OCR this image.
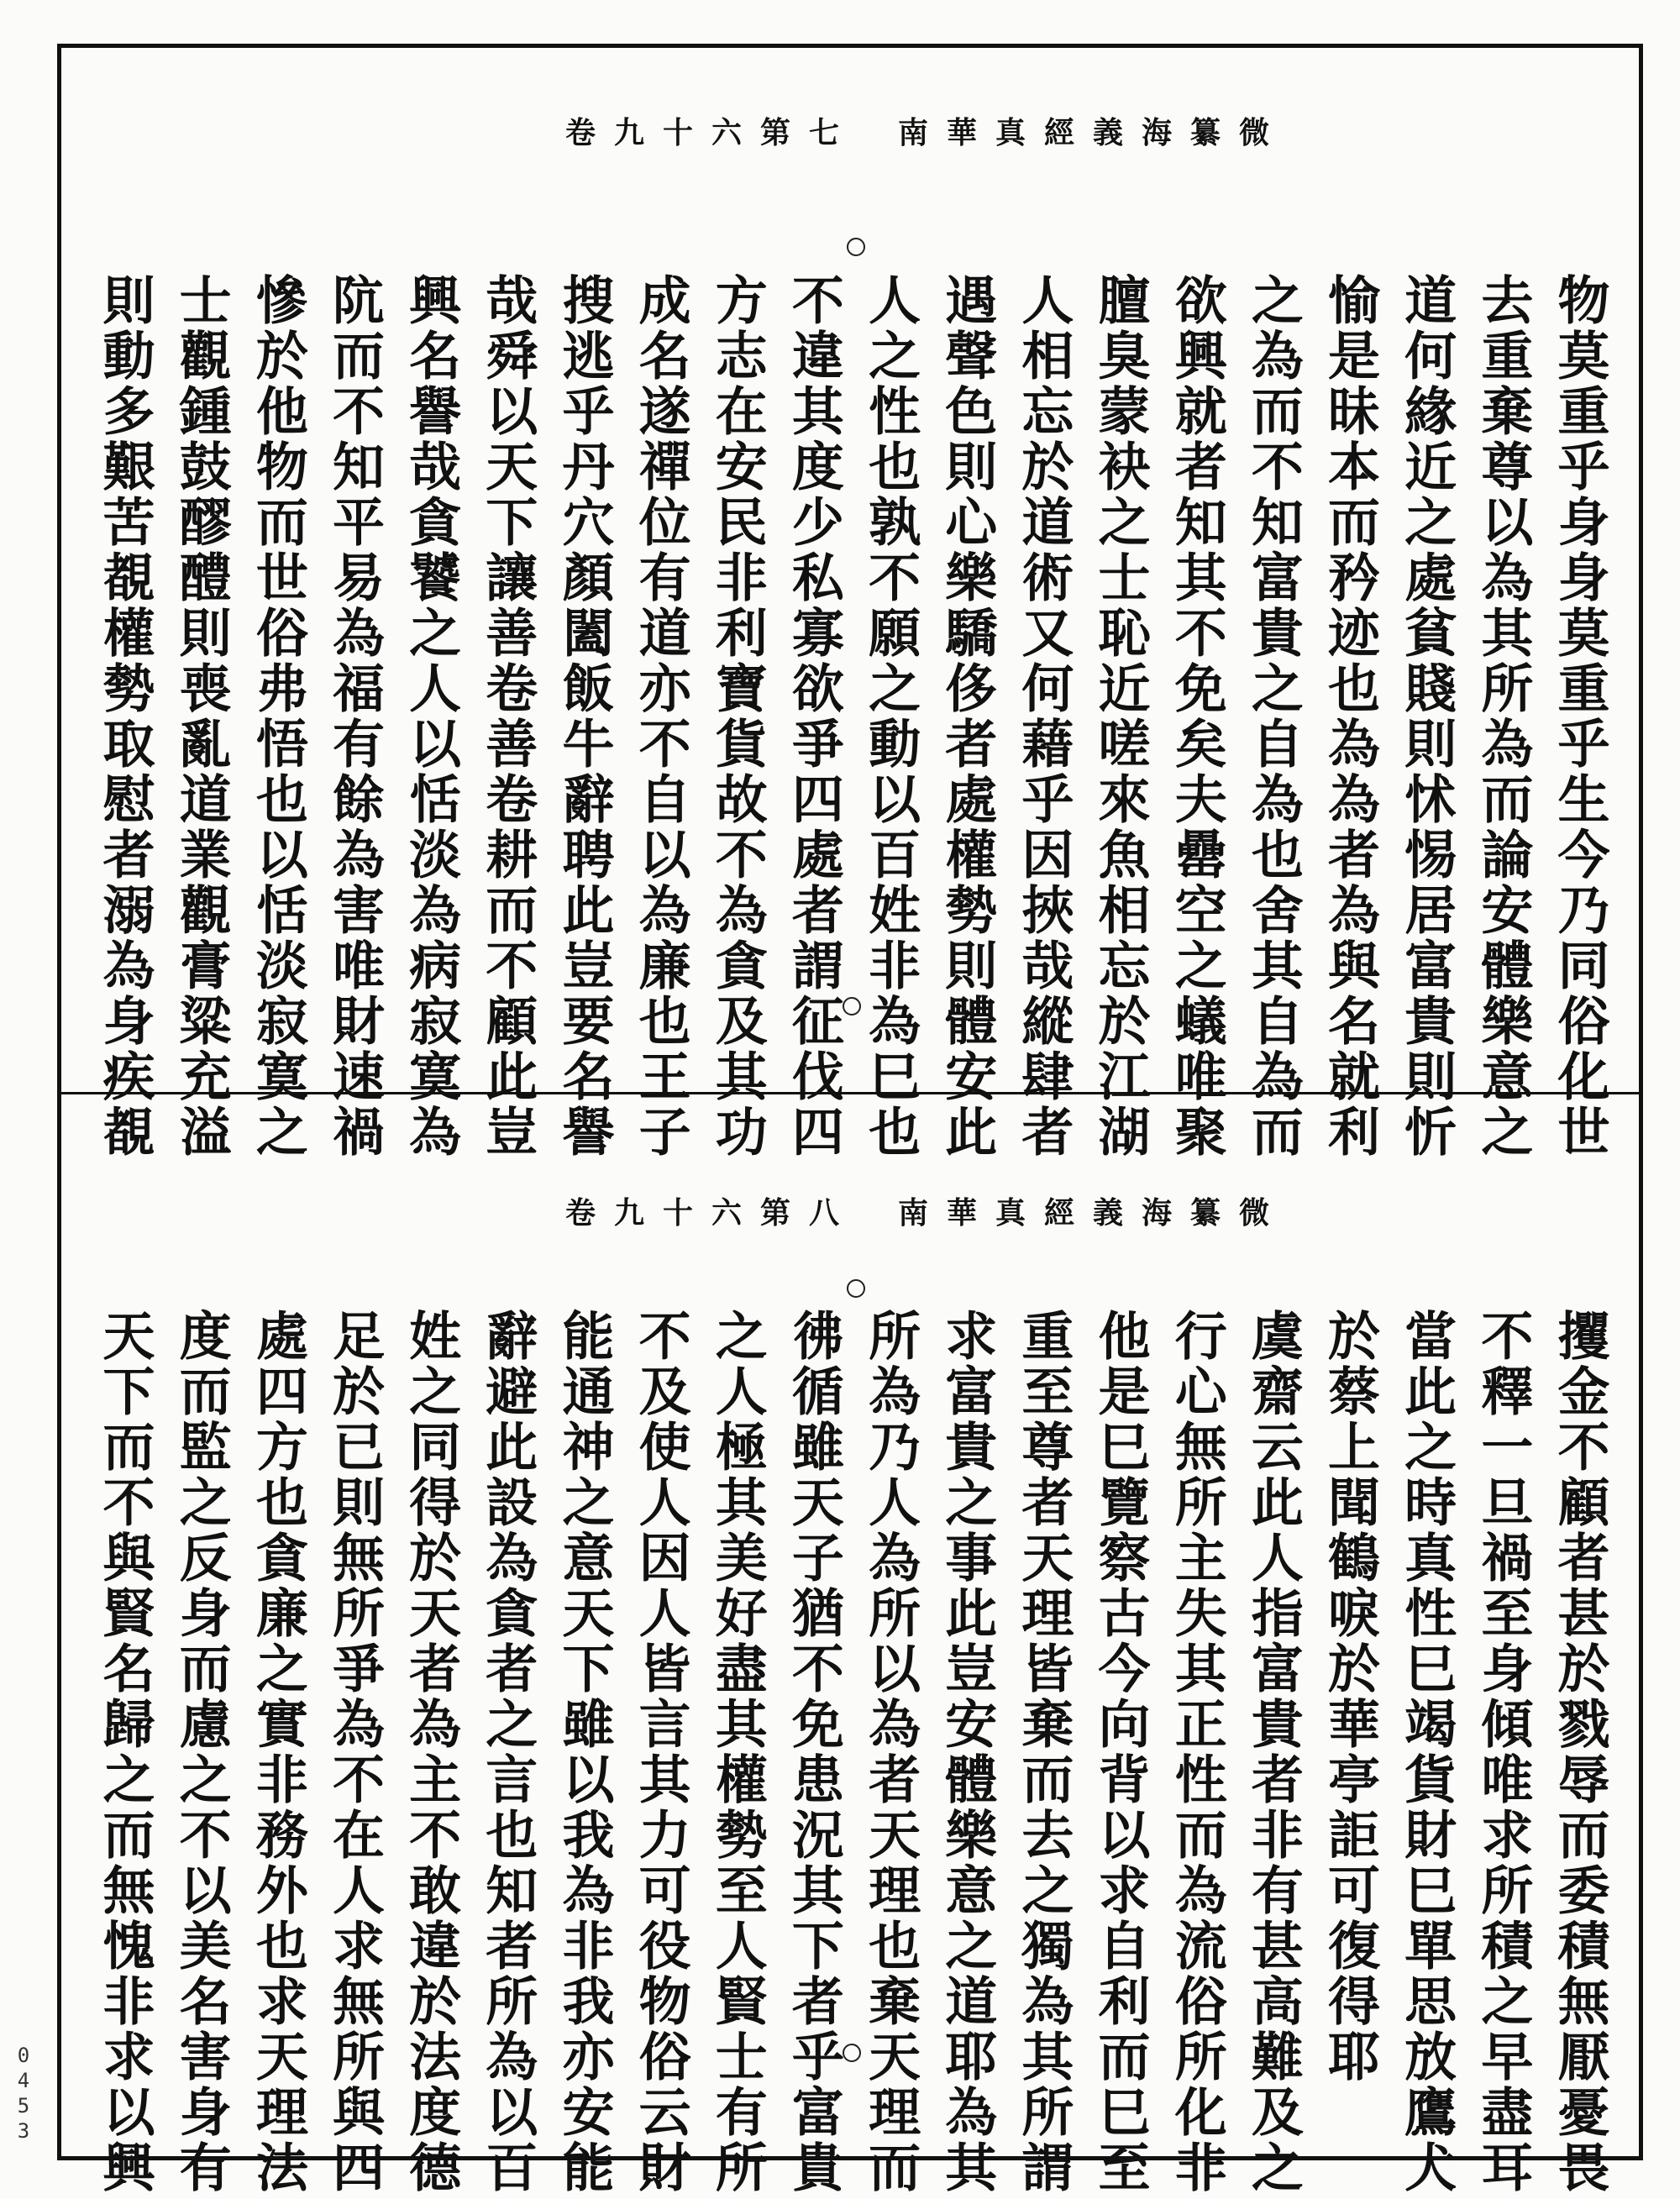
南華真經義海纂微
卷九十六第七
物莫重乎身身莫重乎生今乃同俗化世
去重棄尊以為其所為而論安體樂意之
道何緣近之處貧賤則怵惕居富貴則忻
愉是昧本而矜迹也為為者為與名就利
之為而不知富貴之自為也舍其自為而
欲興就者知其不免矣夫罍空之蟻唯聚
膻臭蒙袂之士恥近嗟來魚相忘於江湖
人相忘於道術又何藉乎因挾哉縱肆者
遇聲色則心樂驕侈者處權勢則體安此
人之性也孰不願之動以百姓非為巳也
不違其度少私寡欲爭四處者謂征伐四
方志在安民非利寶貨故不為貪及其功
成名遂禪位有道亦不自以為廉也王子
搜逃乎丹穴顏闔飯牛辭聘此豈要名譽
哉舜以天下讓善卷善卷耕而不顧此豈
興名譽哉貪饕之人以恬淡為病寂寞為
阬而不知平易為福有餘為害唯財速禍
慘於他物而世俗弗悟也以恬淡寂寞之
士觀鍾鼓醪醴則喪亂道業觀膏粱充溢
則動多艱苦覩權勢取慰者溺為身疾覩
南華真經義海纂微
卷九十六第八
攫金不顧者甚於戮辱而委積無厭憂畏
不釋一旦禍至身傾唯求所積之早盡耳
當此之時真性巳竭貨財巳單思放鷹犬
於蔡上聞鶴唳於華亭詎可復得耶
虞齋云此人指富貴者非有甚高難及之
行心無所主失其正性而為流俗所化非
他是巳覽察古今向背以求自利而巳至
重至尊者天理皆棄而去之獨為其所謂
求富貴之事此豈安體樂意之道耶為其
所為乃人為所以為者天理也棄天理而
彿循雖天子猶不免患況其下者乎富貴
之人極其美好盡其權勢至人賢士有所
不及使人因人皆言其力可役物俗云財
能通神之意天下雖以我為非我亦安能
辭避此設為貪者之言也知者所為以百
姓之同得於天者為主不敢違於法度德
足於已則無所爭為不在人求無所與四
處四方也貪廉之實非務外也求天理法
度而監之反身而慮之不以美名害身有
天下而不與賢名歸之而無愧非求以興
0
4
5
3
